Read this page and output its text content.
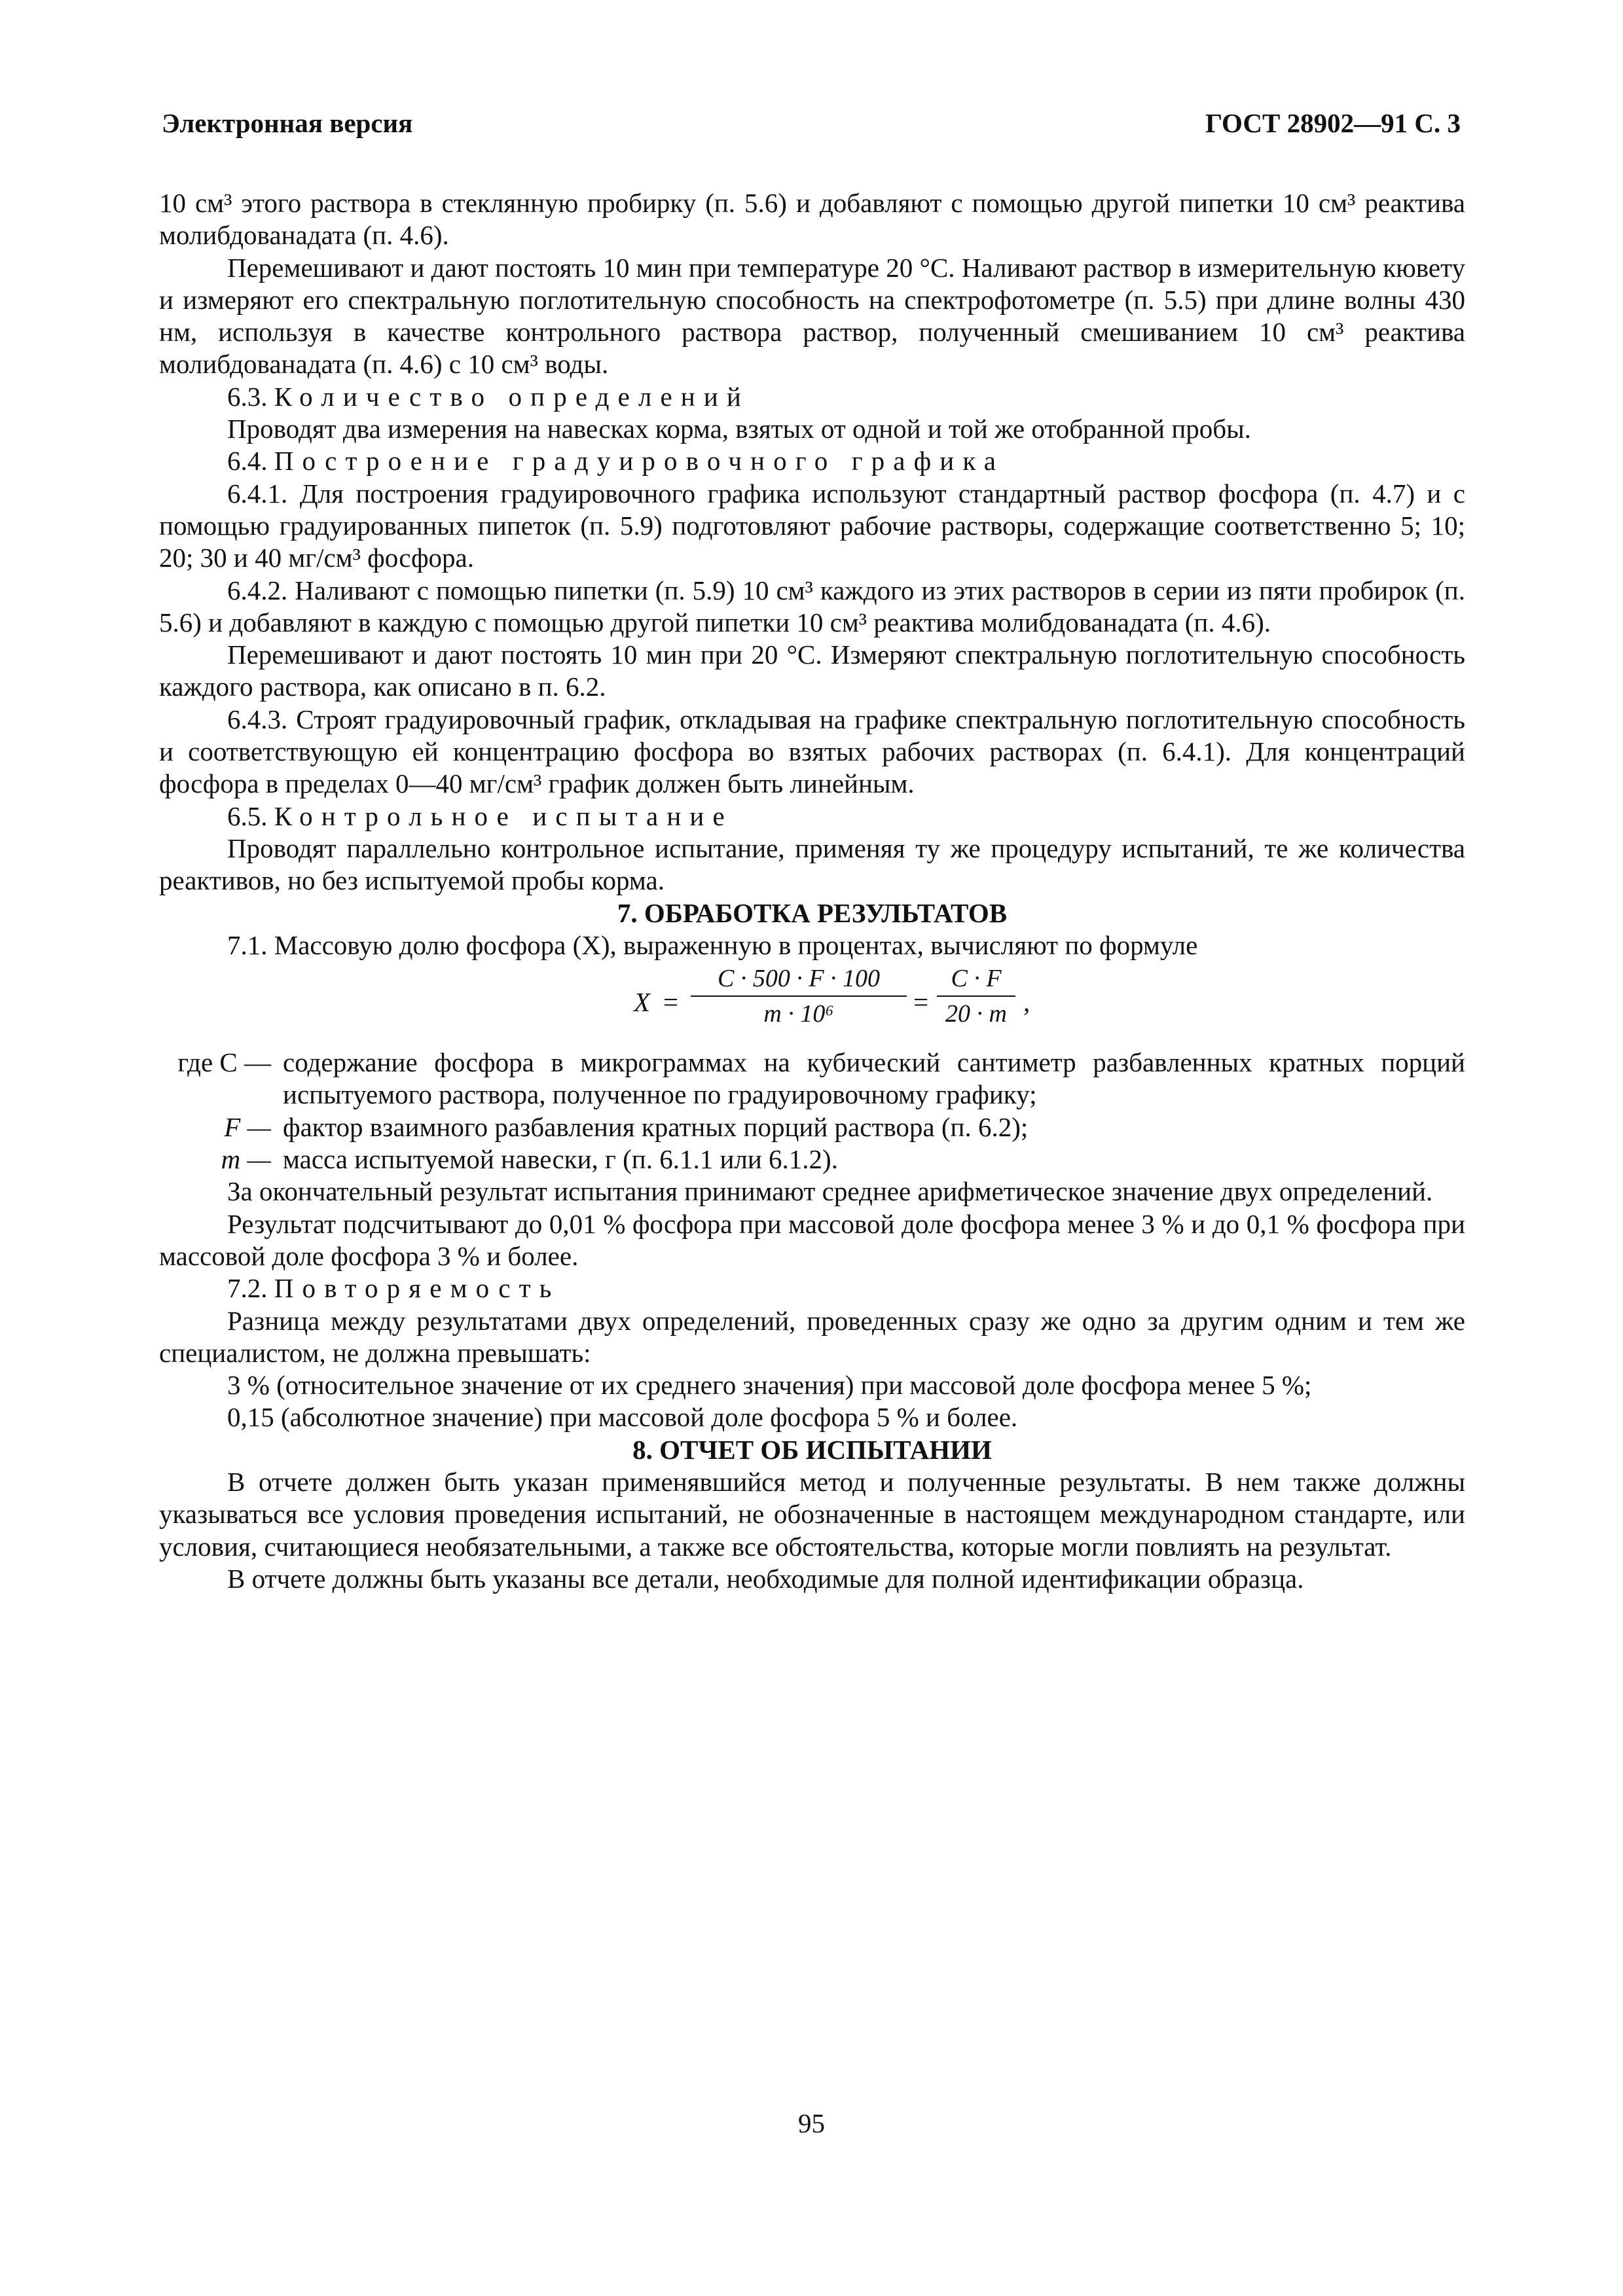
Электронная версия	ГОСТ 28902—91 С. 3

10 см³ этого раствора в стеклянную пробирку (п. 5.6) и добавляют с помощью другой пипетки 10 см³ реактива молибдованадата (п. 4.6).

Перемешивают и дают постоять 10 мин при температуре 20 °C. Наливают раствор в измерительную кювету и измеряют его спектральную поглотительную способность на спектрофотометре (п. 5.5) при длине волны 430 нм, используя в качестве контрольного раствора раствор, полученный смешиванием 10 см³ реактива молибдованадата (п. 4.6) с 10 см³ воды.

6.3. Количество определений

Проводят два измерения на навесках корма, взятых от одной и той же отобранной пробы.

6.4. Построение градуировочного графика

6.4.1. Для построения градуировочного графика используют стандартный раствор фосфора (п. 4.7) и с помощью градуированных пипеток (п. 5.9) подготовляют рабочие растворы, содержащие соответственно 5; 10; 20; 30 и 40 мг/см³ фосфора.

6.4.2. Наливают с помощью пипетки (п. 5.9) 10 см³ каждого из этих растворов в серии из пяти пробирок (п. 5.6) и добавляют в каждую с помощью другой пипетки 10 см³ реактива молибдованадата (п. 4.6).

Перемешивают и дают постоять 10 мин при 20 °C. Измеряют спектральную поглотительную способность каждого раствора, как описано в п. 6.2.

6.4.3. Строят градуировочный график, откладывая на графике спектральную поглотительную способность и соответствующую ей концентрацию фосфора во взятых рабочих растворах (п. 6.4.1). Для концентраций фосфора в пределах 0—40 мг/см³ график должен быть линейным.

6.5. Контрольное испытание

Проводят параллельно контрольное испытание, применяя ту же процедуру испытаний, те же количества реактивов, но без испытуемой пробы корма.

7. ОБРАБОТКА РЕЗУЛЬТАТОВ

7.1. Массовую долю фосфора (X), выраженную в процентах, вычисляют по формуле

X =
C · 500 · F · 100
m · 10⁶	=
C · F
20 · m ,
где C — содержание фосфора в микрограммах на кубический сантиметр разбавленных кратных порций испытуемого раствора, полученное по градуировочному графику;
F — фактор взаимного разбавления кратных порций раствора (п. 6.2);
m — масса испытуемой навески, г (п. 6.1.1 или 6.1.2).

За окончательный результат испытания принимают среднее арифметическое значение двух определений.

Результат подсчитывают до 0,01 % фосфора при массовой доле фосфора менее 3 % и до 0,1 % фосфора при массовой доле фосфора 3 % и более.

7.2. Повторяемость

Разница между результатами двух определений, проведенных сразу же одно за другим одним и тем же специалистом, не должна превышать:

3 % (относительное значение от их среднего значения) при массовой доле фосфора менее 5 %;

0,15 (абсолютное значение) при массовой доле фосфора 5 % и более.

8. ОТЧЕТ ОБ ИСПЫТАНИИ

В отчете должен быть указан применявшийся метод и полученные результаты. В нем также должны указываться все условия проведения испытаний, не обозначенные в настоящем международном стандарте, или условия, считающиеся необязательными, а также все обстоятельства, которые могли повлиять на результат.

В отчете должны быть указаны все детали, необходимые для полной идентификации образца.

95
